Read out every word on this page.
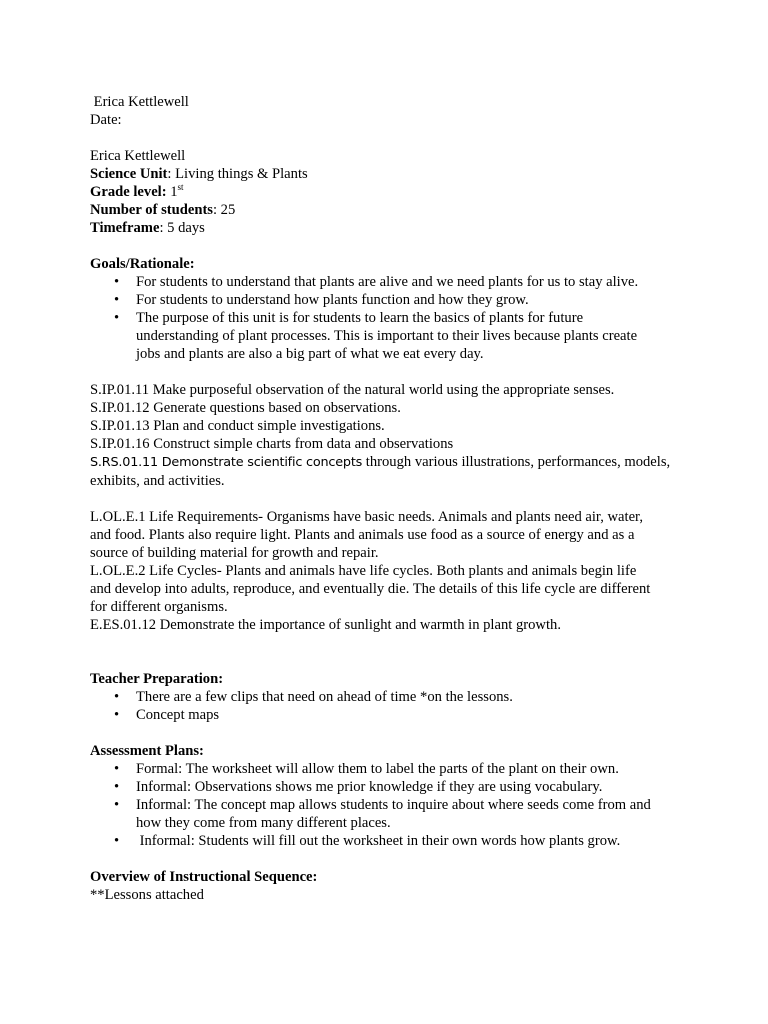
Erica Kettlewell

Date:

Erica Kettlewell

Science Unit: Living things & Plants

Grade level: 1st

Number of students: 25

Timeframe: 5 days

Goals/Rationale:

• For students to understand that plants are alive and we need plants for us to stay alive.
• For students to understand how plants function and how they grow.
• The purpose of this unit is for students to learn the basics of plants for future
understanding of plant processes. This is important to their lives because plants create
jobs and plants are also a big part of what we eat every day.

S.IP.01.11 Make purposeful observation of the natural world using the appropriate senses.

S.IP.01.12 Generate questions based on observations.

S.IP.01.13 Plan and conduct simple investigations.

S.IP.01.16 Construct simple charts from data and observations

S.RS.01.11 Demonstrate scientific concepts through various illustrations, performances, models,

exhibits, and activities.

L.OL.E.1 Life Requirements- Organisms have basic needs. Animals and plants need air, water,

and food. Plants also require light. Plants and animals use food as a source of energy and as a

source of building material for growth and repair.

L.OL.E.2 Life Cycles- Plants and animals have life cycles. Both plants and animals begin life

and develop into adults, reproduce, and eventually die. The details of this life cycle are different

for different organisms.

E.ES.01.12 Demonstrate the importance of sunlight and warmth in plant growth.

Teacher Preparation:

• There are a few clips that need on ahead of time *on the lessons.
• Concept maps

Assessment Plans:

• Formal: The worksheet will allow them to label the parts of the plant on their own.
• Informal: Observations shows me prior knowledge if they are using vocabulary.
• Informal: The concept map allows students to inquire about where seeds come from and
how they come from many different places.
•  Informal: Students will fill out the worksheet in their own words how plants grow.

Overview of Instructional Sequence:

**Lessons attached
